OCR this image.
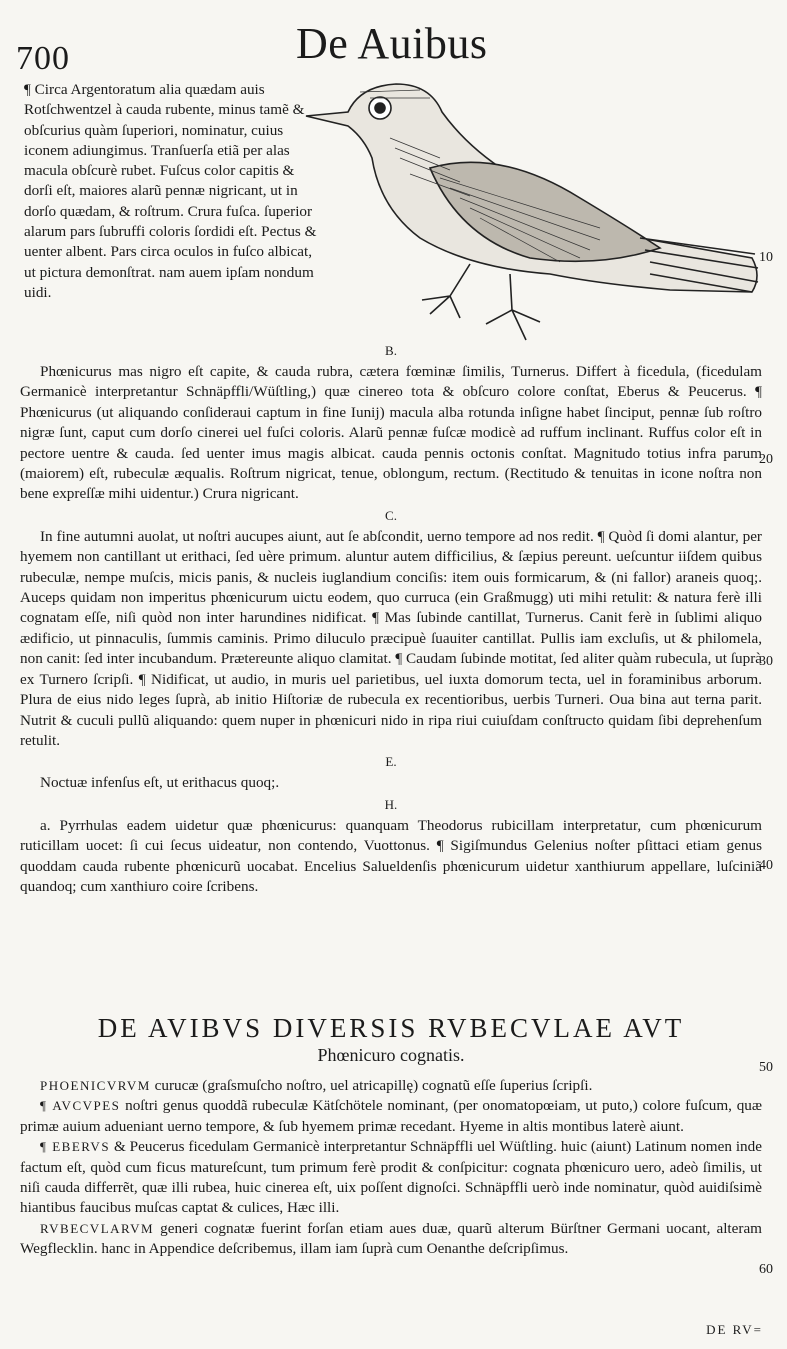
700	De Auibus
¶ Circa Argentoratum alia quædam auis Rotſchwentzel à cauda rubente, minus tamẽ & obſcurius quàm ſuperiori, nominatur, cuius iconem adiungimus. Tranſuerſa etiã per alas macula obſcurè rubet. Fuſcus color capitis & dorſi eſt, maiores alarũ pennæ nigricant, ut in dorſo quædam, & roſtrum. Crura fuſca. ſuperior alarum pars ſubruffi coloris ſordidi eſt. Pectus & uenter albent. Pars circa oculos in fuſco albicat, ut pictura demonſtrat. nam auem ipſam nondum uidi.
10
20
30
40
50
60
B.

Phœnicurus mas nigro eſt capite, & cauda rubra, cætera fœminæ ſimilis, Turnerus. Differt à ficedula, (ficedulam Germanicè interpretantur Schnäpffli/Wüſtling,) quæ cinereo tota & obſcuro colore conſtat, Eberus & Peucerus. ¶ Phœnicurus (ut aliquando conſideraui captum in fine Iunij) macula alba rotunda inſigne habet ſinciput, pennæ ſub roſtro nigræ ſunt, caput cum dorſo cinerei uel fuſci coloris. Alarũ pennæ fuſcæ modicè ad ruffum inclinant. Ruffus color eſt in pectore uentre & cauda. ſed uenter imus magis albicat. cauda pennis octonis conſtat. Magnitudo totius infra parum (maiorem) eſt, rubeculæ æqualis. Roſtrum nigricat, tenue, oblongum, rectum. (Rectitudo & tenuitas in icone noſtra non bene expreſſæ mihi uidentur.) Crura nigricant.

C.

In fine autumni auolat, ut noſtri aucupes aiunt, aut ſe abſcondit, uerno tempore ad nos redit. ¶ Quòd ſi domi alantur, per hyemem non cantillant ut erithaci, ſed uère primum. aluntur autem difficilius, & ſæpius pereunt. ueſcuntur iiſdem quibus rubeculæ, nempe muſcis, micis panis, & nucleis iuglandium conciſis: item ouis formicarum, & (ni fallor) araneis quoq;. Auceps quidam non imperitus phœnicurum uictu eodem, quo curruca (ein Graßmugg) uti mihi retulit: & natura ferè illi cognatam eſſe, niſi quòd non inter harundines nidificat. ¶ Mas ſubinde cantillat, Turnerus. Canit ferè in ſublimi aliquo ædificio, ut pinnaculis, ſummis caminis. Primo diluculo præcipuè ſuauiter cantillat. Pullis iam excluſis, ut & philomela, non canit: ſed inter incubandum. Prætereunte aliquo clamitat. ¶ Caudam ſubinde motitat, ſed aliter quàm rubecula, ut ſuprà ex Turnero ſcripſi. ¶ Nidificat, ut audio, in muris uel parietibus, uel iuxta domorum tecta, uel in foraminibus arborum. Plura de eius nido leges ſuprà, ab initio Hiſtoriæ de rubecula ex recentioribus, uerbis Turneri. Oua bina aut terna parit. Nutrit & cuculi pullũ aliquando: quem nuper in phœnicuri nido in ripa riui cuiuſdam conſtructo quidam ſibi deprehenſum retulit.

E.

Noctuæ infenſus eſt, ut erithacus quoq;.

H.

a. Pyrrhulas eadem uidetur quæ phœnicurus: quanquam Theodorus rubicillam interpretatur, cum phœnicurum ruticillam uocet: ſi cui ſecus uideatur, non contendo, Vuottonus. ¶ Sigiſmundus Gelenius noſter pſittaci etiam genus quoddam cauda rubente phœnicurũ uocabat. Encelius Salueldenſis phœnicurum uidetur xanthiurum appellare, luſciniã quandoq; cum xanthiuro coire ſcribens.

DE AVIBVS DIVERSIS RVBECVLAE AVT
Phœnicuro cognatis.

PHOENICVRVM curucæ (graſsmuſcho noſtro, uel atricapillę) cognatũ eſſe ſuperius ſcripſi.

¶ AVCVPES noſtri genus quoddã rubeculæ Kätſchötele nominant, (per onomatopœiam, ut puto,) colore fuſcum, quæ primæ auium adueniant uerno tempore, & ſub hyemem primæ recedant. Hyeme in altis montibus laterè aiunt.

¶ EBERVS & Peucerus ficedulam Germanicè interpretantur Schnäpffli uel Wüſtling. huic (aiunt) Latinum nomen inde factum eſt, quòd cum ficus matureſcunt, tum primum ferè prodit & conſpicitur: cognata phœnicuro uero, adeò ſimilis, ut niſi cauda differrẽt, quæ illi rubea, huic cinerea eſt, uix poſſent dignoſci. Schnäpffli uerò inde nominatur, quòd auidiſsimè hiantibus faucibus muſcas captat & culices, Hæc illi.

RVBECVLARVM generi cognatæ fuerint forſan etiam aues duæ, quarũ alterum Bürſtner Germani uocant, alteram Wegflecklin. hanc in Appendice deſcribemus, illam iam ſuprà cum Oenanthe deſcripſimus.

DE RV=
